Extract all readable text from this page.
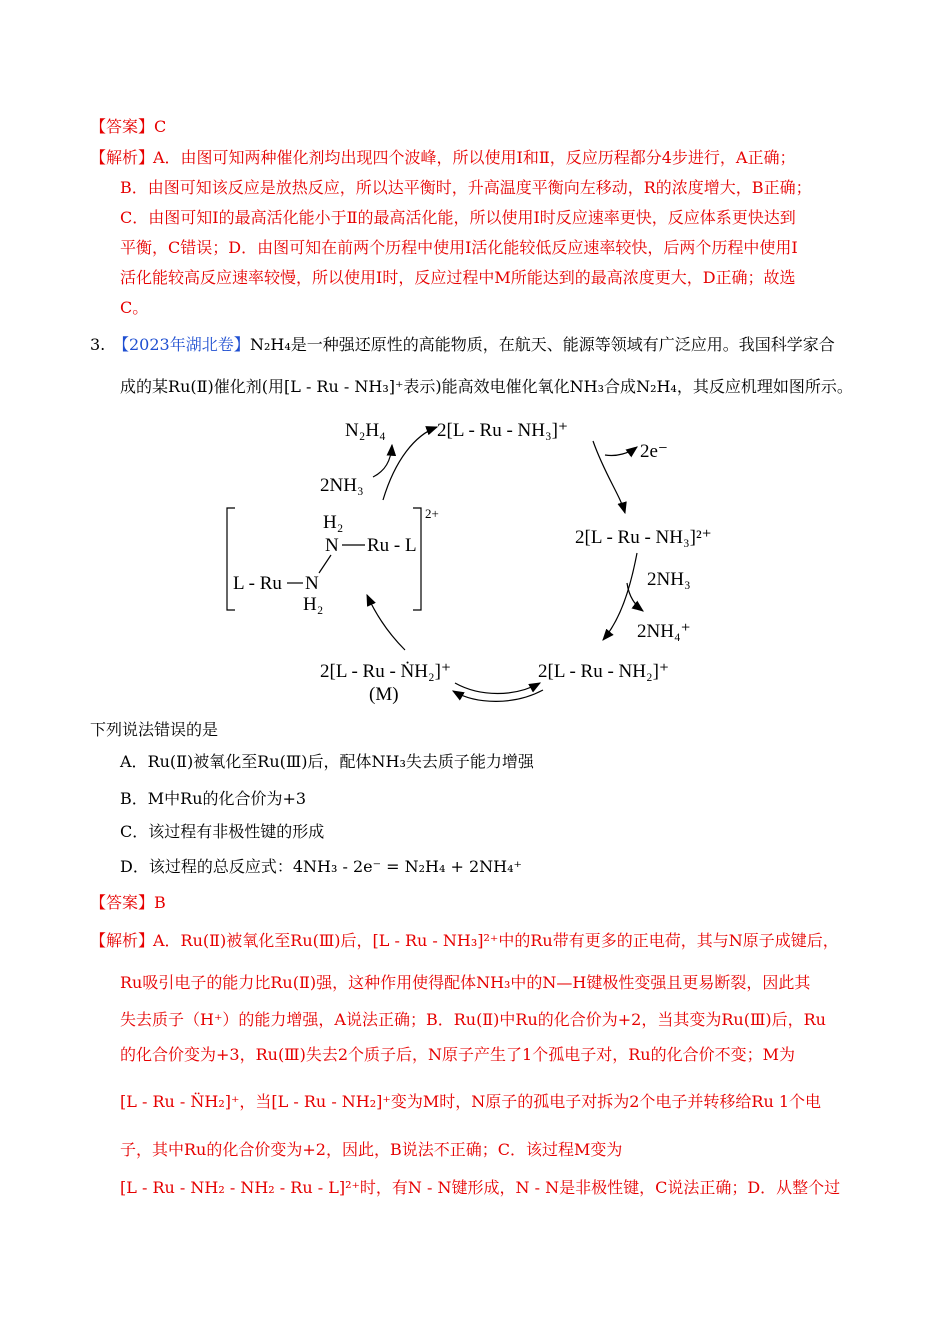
【答案】C
【解析】
A．由图可知两种催化剂均出现四个波峰，所以使用Ⅰ和Ⅱ，反应历程都分4步进行，A正确；
B．由图可知该反应是放热反应，所以达平衡时，升高温度平衡向左移动，R的浓度增大，B正确；
C．由图可知Ⅰ的最高活化能小于Ⅱ的最高活化能，所以使用Ⅰ时反应速率更快，反应体系更快达到
平衡，C错误；D．由图可知在前两个历程中使用Ⅰ活化能较低反应速率较快，后两个历程中使用Ⅰ
活化能较高反应速率较慢，所以使用Ⅰ时，反应过程中M所能达到的最高浓度更大，D正确；故选
C。
3. 【2023年湖北卷】 N₂H₄是一种强还原性的高能物质，在航天、能源等领域有广泛应用。我国科学家合
成的某Ru(Ⅱ)催化剂(用[L - Ru - NH₃]⁺表示)能高效电催化氧化NH₃合成N₂H₄，其反应机理如图所示。
N₂H₄	2[L - Ru - NH₃]⁺
2NH₃
2e⁻
2[L - Ru - NH₃]²⁺
2NH₃
2NH₄⁺
2[L - Ru - NH₂]⁺
2[L - Ru - ṄH₂]⁺
(M)
2+
H₂
N Ru - L
L - Ru N
H₂
下列说法错误的是
A．Ru(Ⅱ)被氧化至Ru(Ⅲ)后，配体NH₃失去质子能力增强
B．M中Ru的化合价为+3
C．该过程有非极性键的形成
D．该过程的总反应式：4NH₃ - 2e⁻ = N₂H₄ + 2NH₄⁺
【答案】B
【解析】
A．Ru(Ⅱ)被氧化至Ru(Ⅲ)后，[L - Ru - NH₃]²⁺中的Ru带有更多的正电荷，其与N原子成键后，
Ru吸引电子的能力比Ru(Ⅱ)强，这种作用使得配体NH₃中的N—H键极性变强且更易断裂，因此其
失去质子（H⁺）的能力增强，A说法正确；B．Ru(Ⅱ)中Ru的化合价为+2，当其变为Ru(Ⅲ)后，Ru
的化合价变为+3，Ru(Ⅲ)失去2个质子后，N原子产生了1个孤电子对，Ru的化合价不变；M为
[L - Ru - N̈H₂]⁺，当[L - Ru - NH₂]⁺变为M时，N原子的孤电子对拆为2个电子并转移给Ru 1个电
子，其中Ru的化合价变为+2，因此，B说法不正确；C．该过程M变为
[L - Ru - NH₂ - NH₂ - Ru - L]²⁺时，有N - N键形成，N - N是非极性键，C说法正确；D．从整个过
